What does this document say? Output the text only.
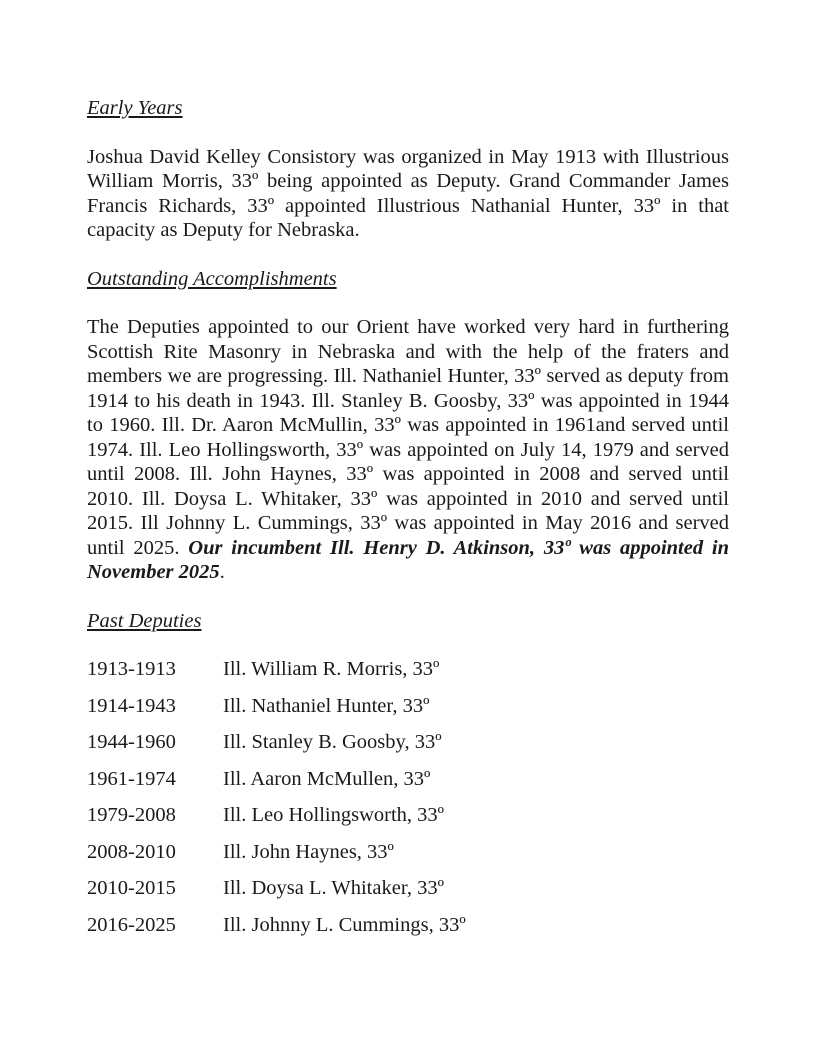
Early Years

Joshua David Kelley Consistory was organized in May 1913 with Illustrious William Morris, 33º being appointed as Deputy. Grand Commander James Francis Richards, 33º appointed Illustrious Nathanial Hunter, 33º in that capacity as Deputy for Nebraska.

Outstanding Accomplishments

The Deputies appointed to our Orient have worked very hard in furthering Scottish Rite Masonry in Nebraska and with the help of the fraters and members we are progressing. Ill. Nathaniel Hunter, 33º served as deputy from 1914 to his death in 1943. Ill. Stanley B. Goosby, 33º was appointed in 1944 to 1960. Ill. Dr. Aaron McMullin, 33º was appointed in 1961and served until 1974. Ill. Leo Hollingsworth, 33º was appointed on July 14, 1979 and served until 2008. Ill. John Haynes, 33º was appointed in 2008 and served until 2010. Ill. Doysa L. Whitaker, 33º was appointed in 2010 and served until 2015. Ill Johnny L. Cummings, 33º was appointed in May 2016 and served until 2025. Our incumbent Ill. Henry D. Atkinson, 33º was appointed in November 2025.

Past Deputies
1913-1913 Ill. William R. Morris, 33º
1914-1943 Ill. Nathaniel Hunter, 33º
1944-1960 Ill. Stanley B. Goosby, 33º
1961-1974 Ill. Aaron McMullen, 33º
1979-2008 Ill. Leo Hollingsworth, 33º
2008-2010 Ill. John Haynes, 33º
2010-2015 Ill. Doysa L. Whitaker, 33º
2016-2025 Ill. Johnny L. Cummings, 33º
